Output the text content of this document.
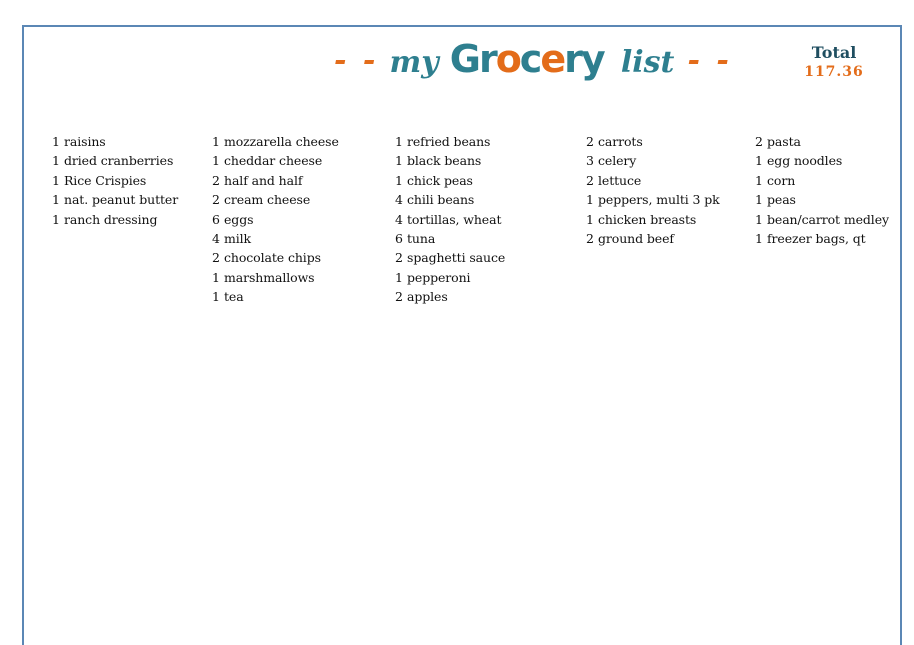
- - my Grocery list - -	Total
117.36
1 raisins
1 dried cranberries
1 Rice Crispies
1 nat. peanut butter
1 ranch dressing
1 mozzarella cheese
1 cheddar cheese
2 half and half
2 cream cheese
6 eggs
4 milk
2 chocolate chips
1 marshmallows
1 tea
1 refried beans
1 black beans
1 chick peas
4 chili beans
4 tortillas, wheat
6 tuna
2 spaghetti sauce
1 pepperoni
2 apples
2 carrots
3 celery
2 lettuce
1 peppers, multi 3 pk
1 chicken breasts
2 ground beef
2 pasta
1 egg noodles
1 corn
1 peas
1 bean/carrot medley
1 freezer bags, qt
